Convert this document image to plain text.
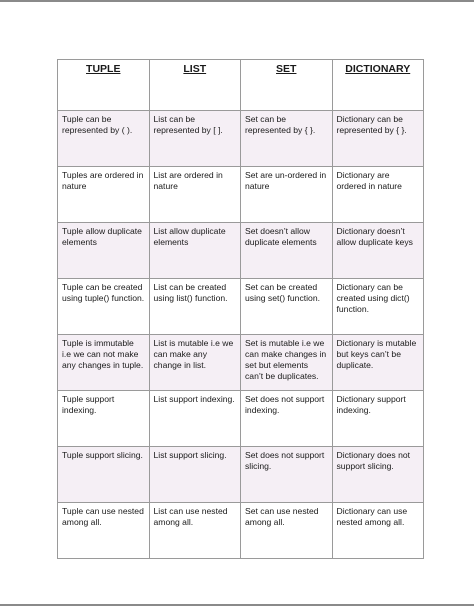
TUPLE	LIST	SET	DICTIONARY

Tuple can be represented by ( ).	List can be represented by [ ].	Set can be represented by { }.	Dictionary can be represented by { }.

Tuples are ordered in nature	List are ordered in nature	Set are un-ordered in nature	Dictionary are ordered in nature

Tuple allow duplicate elements	List allow duplicate elements	Set doesn’t allow duplicate elements	Dictionary doesn’t allow duplicate keys

Tuple can be created using tuple() function.	List can be created using list() function.	Set can be created using set() function.	Dictionary can be created using dict() function.

Tuple is immutable i.e we can not make any changes in tuple.	List is mutable i.e we can make any change in list.	Set is mutable i.e we can make changes in set but elements can’t be duplicates.	Dictionary is mutable but keys can’t be duplicate.

Tuple support indexing.	List support indexing.	Set does not support indexing.	Dictionary support indexing.

Tuple support slicing.	List support slicing.	Set does not support slicing.	Dictionary does not support slicing.

Tuple can use nested among all.	List can use nested among all.	Set can use nested among all.	Dictionary can use nested among all.
